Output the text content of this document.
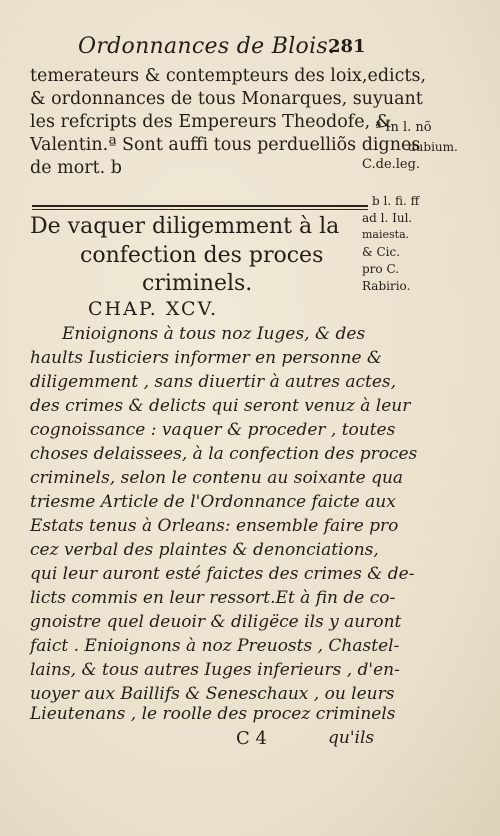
Ordonnances de Blois.
281
temerateurs & contempteurs des loix,edicts,
& ordonnances de tous Monarques, suyuant
les refcripts des Empereurs Theodofe, &
Valentin.ª Sont auffi tous perduelliõs dignes
de mort. b
ª In l. nõ
dubium.
C.de.leg.
De vaquer diligemment à la
confection des proces
criminels.
b l. fi. ff
ad l. Iul.
maiesta.
& Cic.
pro C.
Rabirio.
CHAP. XCV.
Enioignons à tous noz Iuges, & des
haults Iusticiers informer en personne &
diligemment , sans diuertir à autres actes,
des crimes & delicts qui seront venuz à leur
cognoissance : vaquer & proceder , toutes
choses delaissees, à la confection des proces
criminels, selon le contenu au soixante qua
triesme Article de l'Ordonnance faicte aux
Estats tenus à Orleans: ensemble faire pro
cez verbal des plaintes & denonciations,
qui leur auront esté faictes des crimes & de-
licts commis en leur ressort.Et à fin de co-
gnoistre quel deuoir & diligëce ils y auront
faict . Enioignons à noz Preuosts , Chastel-
lains, & tous autres Iuges inferieurs , d'en-
uoyer aux Baillifs & Seneschaux , ou leurs
Lieutenans , le roolle des procez criminels
C 4	qu'ils
